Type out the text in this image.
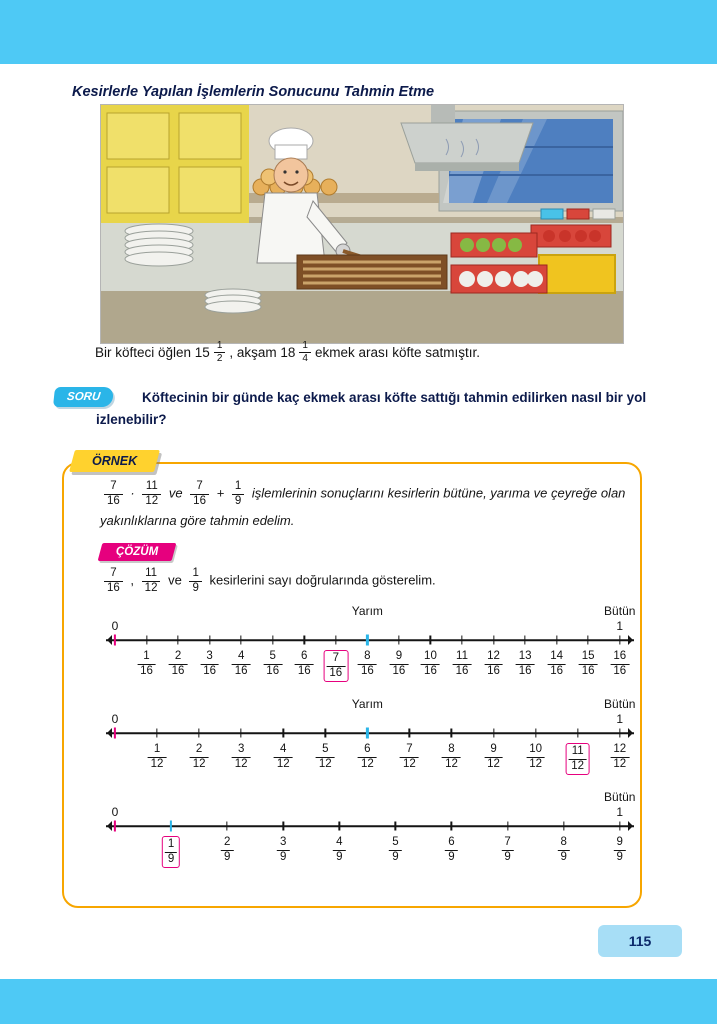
Kesirlerle Yapılan İşlemlerin Sonucunu Tahmin Etme
Bir köfteci öğlen $15 \frac{1}{2}$ , akşam $18 \frac{1}{4}$ ekmek arası köfte satmıştır.
SORU	Köftecinin bir günde kaç ekmek arası köfte sattığı tahmin edilirken nasıl bir yol izlenebilir?

ÖRNEK
$\frac{7}{16} \cdot \frac{11}{12}$ ve $\frac{7}{16} + \frac{1}{9}$ işlemlerinin sonuçlarını kesirlerin bütüne, yarıma ve çeyreğe olan yakınlıklarına göre tahmin edelim.
ÇÖZÜM
$\frac{7}{16}$ , $\frac{11}{12}$ ve $\frac{1}{9}$ kesirlerini sayı doğrularında gösterelim.
Yarım	Bütün
0	1
$\frac{1}{16} \frac{2}{16} \frac{3}{16} \frac{4}{16} \frac{5}{16} \frac{6}{16} \frac{7}{16} \frac{8}{16} \frac{9}{16} \frac{10}{16} \frac{11}{16} \frac{12}{16} \frac{13}{16} \frac{14}{16} \frac{15}{16} \frac{16}{16}$
Yarım	Bütün
0	1
$\frac{1}{12} \frac{2}{12} \frac{3}{12} \frac{4}{12} \frac{5}{12} \frac{6}{12} \frac{7}{12} \frac{8}{12} \frac{9}{12} \frac{10}{12} \frac{11}{12} \frac{12}{12}$
Bütün
0	1
$\frac{1}{9}$	$\frac{2}{9}$	$\frac{3}{9}$	$\frac{4}{9}$	$\frac{5}{9}$	$\frac{6}{9}$	$\frac{7}{9}$	$\frac{8}{9}$	$\frac{9}{9}$
115
